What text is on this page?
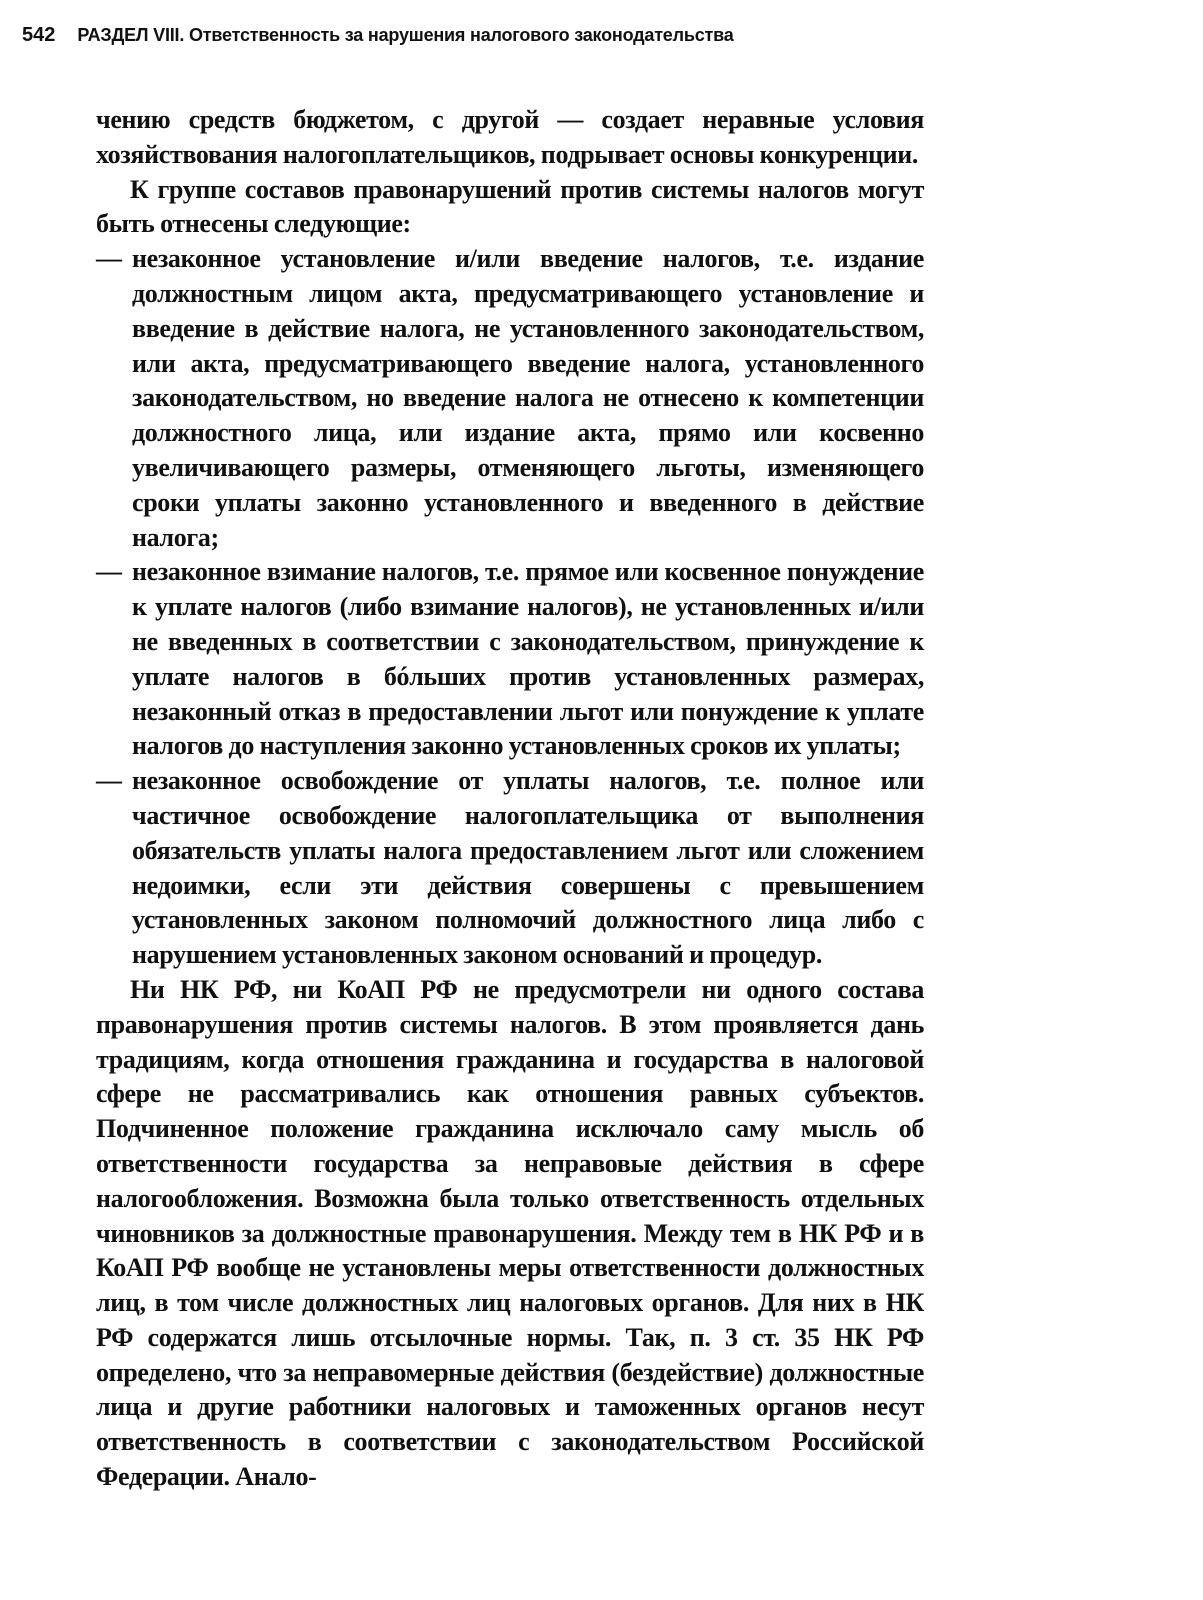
542 РАЗДЕЛ VIII. Ответственность за нарушения налогового законодательства

чению средств бюджетом, с другой — создает неравные условия хозяйствования налогоплательщиков, подрывает основы конкуренции.

К группе составов правонарушений против системы налогов могут быть отнесены следующие:

— незаконное установление и/или введение налогов, т.е. издание должностным лицом акта, предусматривающего установление и введение в действие налога, не установленного законодательством, или акта, предусматривающего введение налога, установленного законодательством, но введение налога не отнесено к компетенции должностного лица, или издание акта, прямо или косвенно увеличивающего размеры, отменяющего льготы, изменяющего сроки уплаты законно установленного и введенного в действие налога;

— незаконное взимание налогов, т.е. прямое или косвенное понуждение к уплате налогов (либо взимание налогов), не установленных и/или не введенных в соответствии с законодательством, принуждение к уплате налогов в бóльших против установленных размерах, незаконный отказ в предоставлении льгот или понуждение к уплате налогов до наступления законно установленных сроков их уплаты;

— незаконное освобождение от уплаты налогов, т.е. полное или частичное освобождение налогоплательщика от выполнения обязательств уплаты налога предоставлением льгот или сложением недоимки, если эти действия совершены с превышением установленных законом полномочий должностного лица либо с нарушением установленных законом оснований и процедур.

Ни НК РФ, ни КоАП РФ не предусмотрели ни одного состава правонарушения против системы налогов. В этом проявляется дань традициям, когда отношения гражданина и государства в налоговой сфере не рассматривались как отношения равных субъектов. Подчиненное положение гражданина исключало саму мысль об ответственности государства за неправовые действия в сфере налогообложения. Возможна была только ответственность отдельных чиновников за должностные правонарушения. Между тем в НК РФ и в КоАП РФ вообще не установлены меры ответственности должностных лиц, в том числе должностных лиц налоговых органов. Для них в НК РФ содержатся лишь отсылочные нормы. Так, п. 3 ст. 35 НК РФ определено, что за неправомерные действия (бездействие) должностные лица и другие работники налоговых и таможенных органов несут ответственность в соответствии с законодательством Российской Федерации. Анало-
